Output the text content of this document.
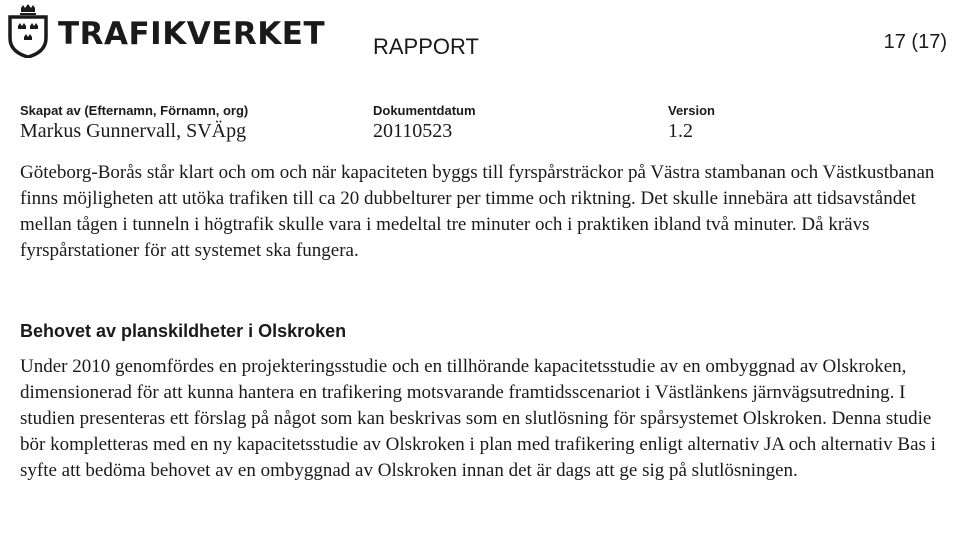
TRAFIKVERKET RAPPORT	17 (17)
Skapat av (Efternamn, Förnamn, org)
Markus Gunnervall, SVÄpg
Dokumentdatum
20110523
Version
1.2

Göteborg-Borås står klart och om och när kapaciteten byggs till fyrspårsträckor på Västra stambanan och Västkustbanan finns möjligheten att utöka trafiken till ca 20 dubbelturer per timme och riktning. Det skulle innebära att tidsavståndet mellan tågen i tunneln i högtrafik skulle vara i medeltal tre minuter och i praktiken ibland två minuter. Då krävs fyrspårstationer för att systemet ska fungera.

Behovet av planskildheter i Olskroken

Under 2010 genomfördes en projekteringsstudie och en tillhörande kapacitetsstudie av en ombyggnad av Olskroken, dimensionerad för att kunna hantera en trafikering motsvarande framtidsscenariot i Västlänkens järnvägsutredning. I studien presenteras ett förslag på något som kan beskrivas som en slutlösning för spårsystemet Olskroken. Denna studie bör kompletteras med en ny kapacitetsstudie av Olskroken i plan med trafikering enligt alternativ JA och alternativ Bas i syfte att bedöma behovet av en ombyggnad av Olskroken innan det är dags att ge sig på slutlösningen.
